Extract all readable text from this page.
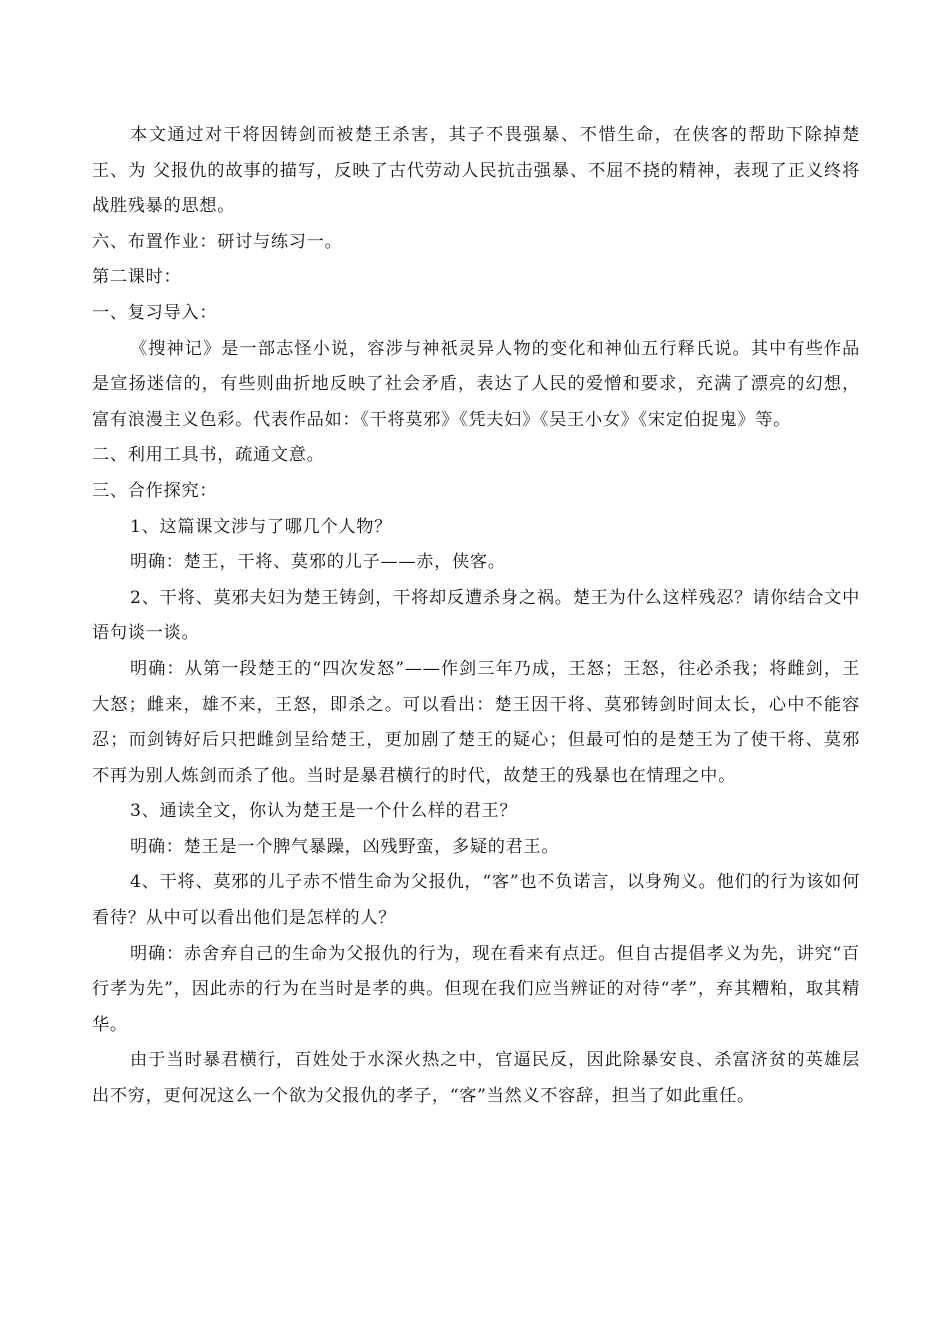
本文通过对干将因铸剑而被楚王杀害，其子不畏强暴、不惜生命，在侠客的帮助下除掉楚王、为 父报仇的故事的描写，反映了古代劳动人民抗击强暴、不屈不挠的精神，表现了正义终将战胜残暴的思想。

六、布置作业：研讨与练习一。

第二课时：

一、复习导入：

《搜神记》是一部志怪小说，容涉与神祇灵异人物的变化和神仙五行释氏说。其中有些作品是宣扬迷信的，有些则曲折地反映了社会矛盾，表达了人民的爱憎和要求，充满了漂亮的幻想，富有浪漫主义色彩。代表作品如：《干将莫邪》《凭夫妇》《吴王小女》《宋定伯捉鬼》等。

二、利用工具书，疏通文意。

三、合作探究：

1、这篇课文涉与了哪几个人物？

明确：楚王，干将、莫邪的儿子——赤，侠客。

2、干将、莫邪夫妇为楚王铸剑，干将却反遭杀身之祸。楚王为什么这样残忍？请你结合文中语句谈一谈。

明确：从第一段楚王的“四次发怒”——作剑三年乃成，王怒；王怒，往必杀我；将雌剑，王大怒；雌来，雄不来，王怒，即杀之。可以看出：楚王因干将、莫邪铸剑时间太长，心中不能容忍；而剑铸好后只把雌剑呈给楚王，更加剧了楚王的疑心；但最可怕的是楚王为了使干将、莫邪不再为别人炼剑而杀了他。当时是暴君横行的时代，故楚王的残暴也在情理之中。

3、通读全文，你认为楚王是一个什么样的君王？

明确：楚王是一个脾气暴躁，凶残野蛮，多疑的君王。

4、干将、莫邪的儿子赤不惜生命为父报仇，“客”也不负诺言，以身殉义。他们的行为该如何看待？从中可以看出他们是怎样的人？

明确：赤舍弃自己的生命为父报仇的行为，现在看来有点迂。但自古提倡孝义为先，讲究“百行孝为先”，因此赤的行为在当时是孝的典。但现在我们应当辨证的对待“孝”，弃其糟粕，取其精华。

由于当时暴君横行，百姓处于水深火热之中，官逼民反，因此除暴安良、杀富济贫的英雄层出不穷，更何况这么一个欲为父报仇的孝子，“客”当然义不容辞，担当了如此重任。
